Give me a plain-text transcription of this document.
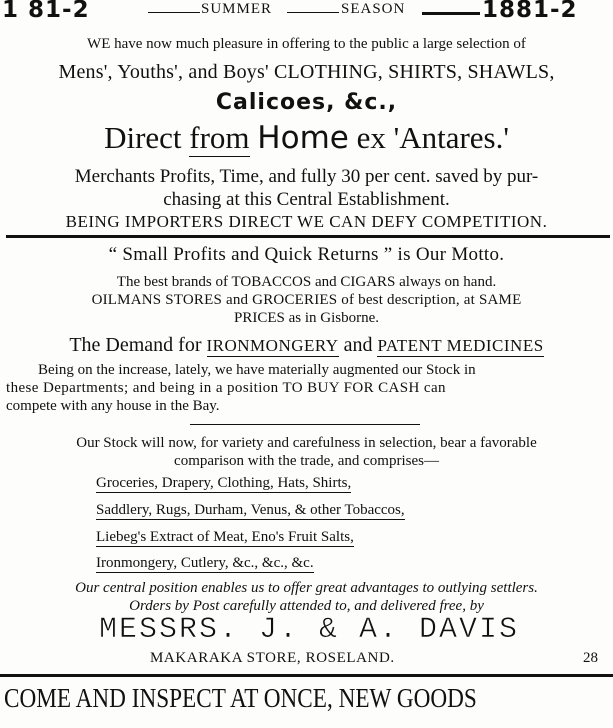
1 81-2	SUMMER	SEASON	1881-2
WE have now much pleasure in offering to the public a large selection of
Mens', Youths', and Boys' CLOTHING, SHIRTS, SHAWLS,
Calicoes, &c.,
Direct from Home ex 'Antares.'
Merchants Profits, Time, and fully 30 per cent. saved by pur-
chasing at this Central Establishment.
BEING IMPORTERS DIRECT WE CAN DEFY COMPETITION.
“ Small Profits and Quick Returns ” is Our Motto.
The best brands of TOBACCOS and CIGARS always on hand.
OILMANS STORES and GROCERIES of best description, at SAME
PRICES as in Gisborne.
The Demand for IRONMONGERY and PATENT MEDICINES
Being on the increase, lately, we have materially augmented our Stock in
these Departments; and being in a position TO BUY FOR CASH can
compete with any house in the Bay.
Our Stock will now, for variety and carefulness in selection, bear a favorable
comparison with the trade, and comprises—
Groceries, Drapery, Clothing, Hats, Shirts,
Saddlery, Rugs, Durham, Venus, & other Tobaccos,
Liebeg's Extract of Meat, Eno's Fruit Salts,
Ironmongery, Cutlery, &c., &c., &c.
Our central position enables us to offer great advantages to outlying settlers.
Orders by Post carefully attended to, and delivered free, by
MESSRS. J. & A. DAVIS
MAKARAKA STORE, ROSELAND.	28
COME AND INSPECT AT ONCE, NEW GOODS
